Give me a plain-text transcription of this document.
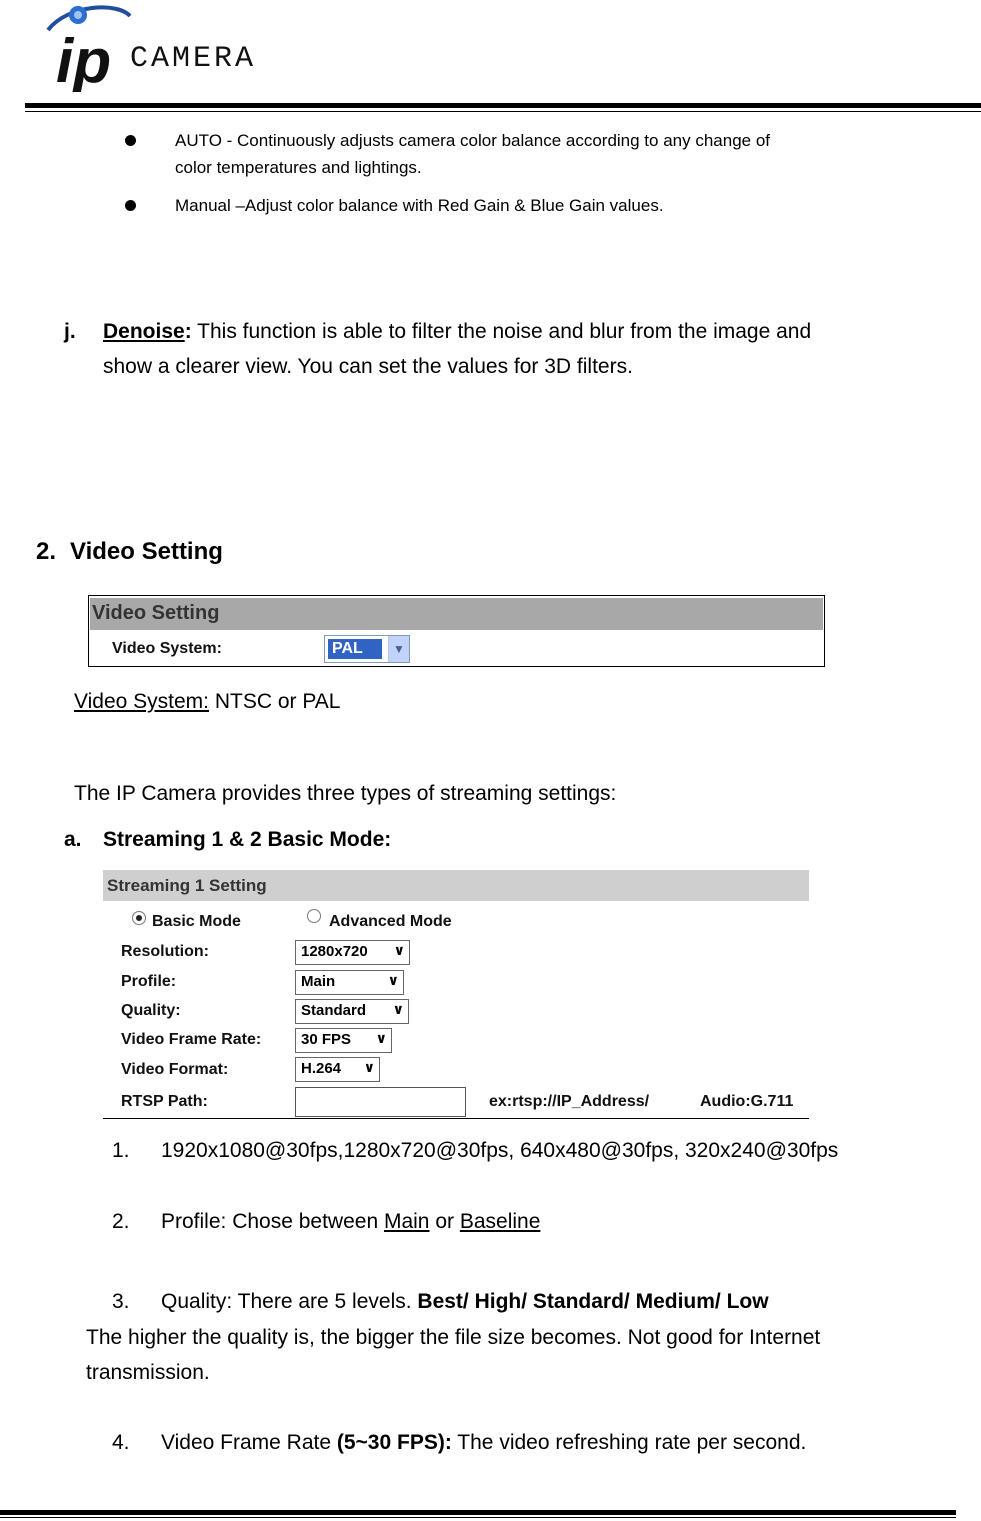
ip CAMERA
AUTO - Continuously adjusts camera color balance according to any change of
color temperatures and lightings.
Manual –Adjust color balance with Red Gain & Blue Gain values.
j. Denoise: This function is able to filter the noise and blur from the image and
show a clearer view. You can set the values for 3D filters.
2. Video Setting
Video Setting
Video System:	PAL	▼
Video System: NTSC or PAL
The IP Camera provides three types of streaming settings:
a. Streaming 1 & 2 Basic Mode:
Streaming 1 Setting
Basic Mode	Advanced Mode
Resolution:	1280x720 ∨
Profile:	Main	∨
Quality:	Standard ∨
Video Frame Rate:	30 FPS ∨
Video Format:	H.264 ∨
RTSP Path:	ex:rtsp://IP_Address/	Audio:G.711
1. 1920x1080@30fps,1280x720@30fps, 640x480@30fps, 320x240@30fps
2. Profile: Chose between Main or Baseline
3. Quality: There are 5 levels. Best/ High/ Standard/ Medium/ Low
The higher the quality is, the bigger the file size becomes. Not good for Internet
transmission.
4. Video Frame Rate (5~30 FPS): The video refreshing rate per second.
